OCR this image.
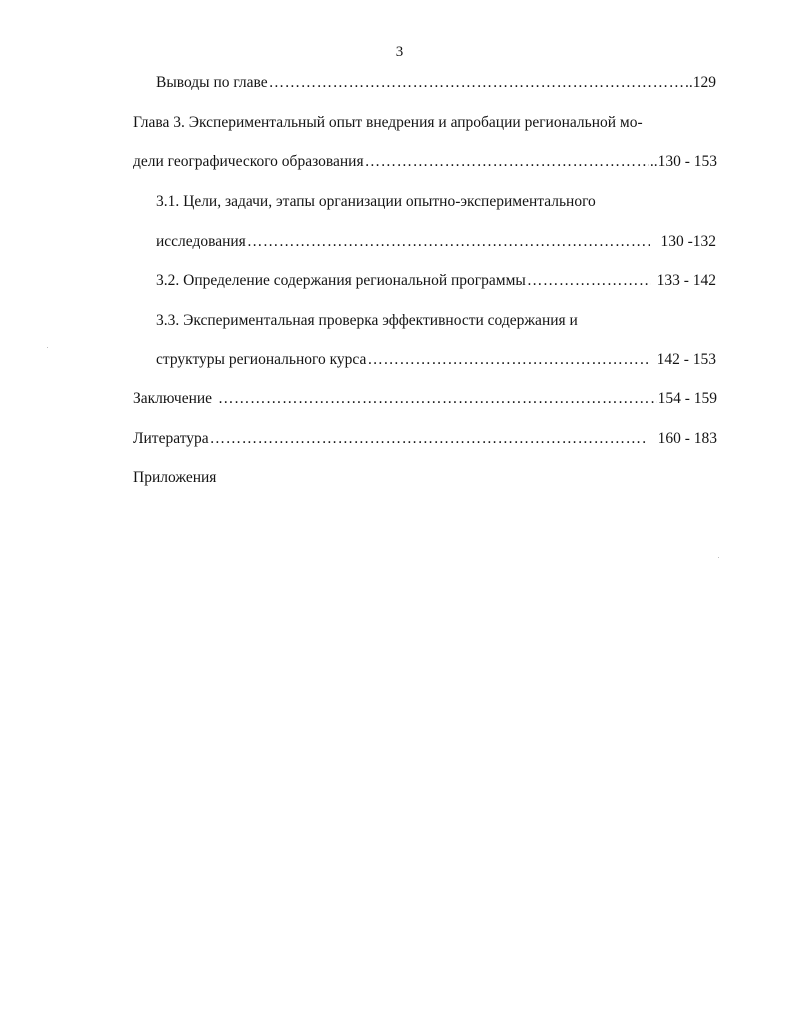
3
Выводы по главе ……………………………………………………………………………………………………………………………………………………………………………………	..129
Глава 3. Экспериментальный опыт внедрения и апробации региональной мо-
дели географического образования ……………………………………………………………………………………………………………………………………………………………………………………	..130 - 153
3.1. Цели, задачи, этапы организации опытно-экспериментального
исследования ……………………………………………………………………………………………………………………………………………………………………………………	130 -132
3.2. Определение содержания региональной программы ……………………………………………………………………………………………………………………………………………………………………………………	133 - 142
3.3. Экспериментальная проверка эффективности содержания и
структуры регионального курса ……………………………………………………………………………………………………………………………………………………………………………………	142 - 153
Заключение ……………………………………………………………………………………………………………………………………………………………………………………	154 - 159
Литература ……………………………………………………………………………………………………………………………………………………………………………………	160 - 183
Приложения
